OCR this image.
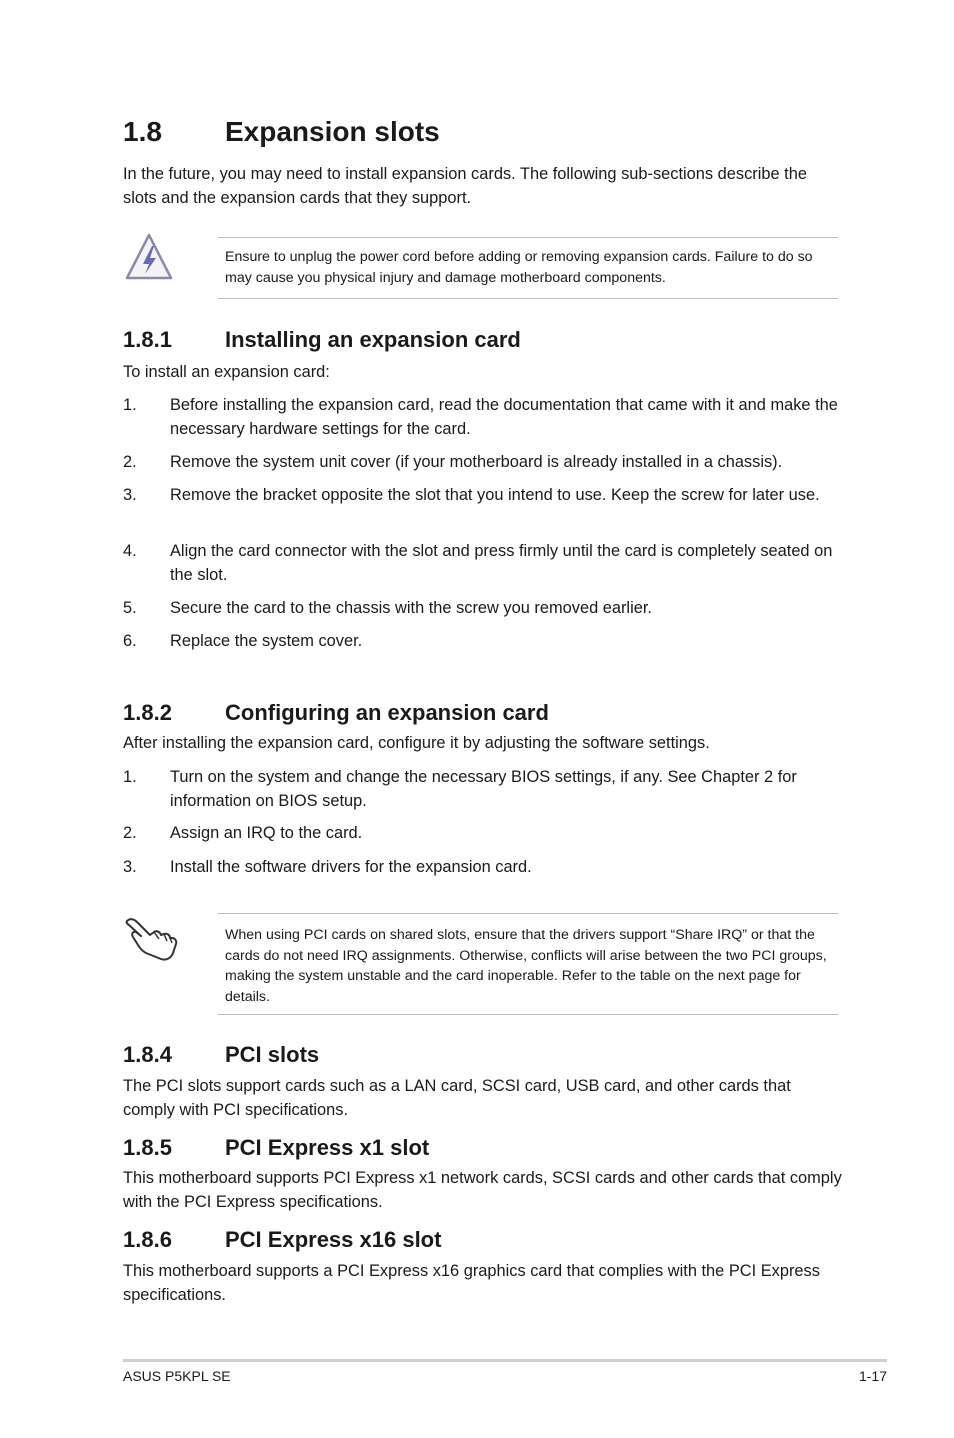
1.8 Expansion slots

In the future, you may need to install expansion cards. The following sub-sections describe the slots and the expansion cards that they support.

Ensure to unplug the power cord before adding or removing expansion cards. Failure to do so may cause you physical injury and damage motherboard components.
1.8.1 Installing an expansion card

To install an expansion card:

1. Before installing the expansion card, read the documentation that came with it and make the necessary hardware settings for the card.
2. Remove the system unit cover (if your motherboard is already installed in a chassis).
3. Remove the bracket opposite the slot that you intend to use. Keep the screw for later use.
4. Align the card connector with the slot and press firmly until the card is completely seated on the slot.
5. Secure the card to the chassis with the screw you removed earlier.
6. Replace the system cover.
1.8.2 Configuring an expansion card

After installing the expansion card, configure it by adjusting the software settings.

1. Turn on the system and change the necessary BIOS settings, if any. See Chapter 2 for information on BIOS setup.
2. Assign an IRQ to the card.
3. Install the software drivers for the expansion card.
When using PCI cards on shared slots, ensure that the drivers support “Share IRQ” or that the cards do not need IRQ assignments. Otherwise, conflicts will arise between the two PCI groups, making the system unstable and the card inoperable. Refer to the table on the next page for details.
1.8.4 PCI slots

The PCI slots support cards such as a LAN card, SCSI card, USB card, and other cards that comply with PCI specifications.

1.8.5 PCI Express x1 slot

This motherboard supports PCI Express x1 network cards, SCSI cards and other cards that comply with the PCI Express specifications.

1.8.6 PCI Express x16 slot

This motherboard supports a PCI Express x16 graphics card that complies with the PCI Express specifications.

ASUS P5KPL SE	1-17
